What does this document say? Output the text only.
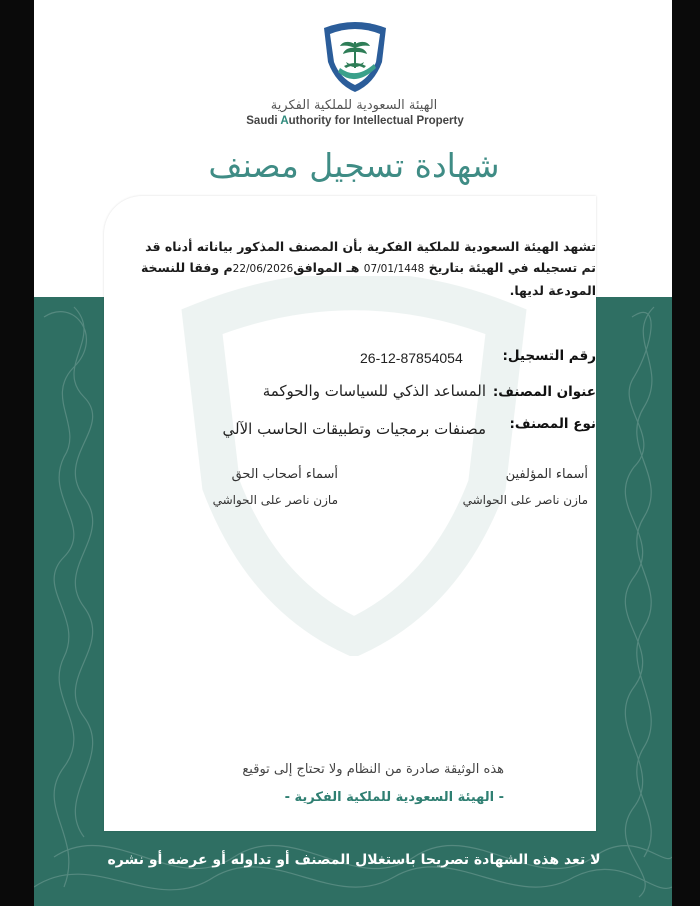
الهيئة السعودية للملكية الفكرية
Saudi Authority for Intellectual Property
شهادة تسجيل مصنف
تشهد الهيئة السعودية للملكية الفكرية بأن المصنف المذكور بياناته أدناه قد
تم تسجيله في الهيئة بتاريخ 07/01/1448 هـ الموافق22/06/2026م وفقا للنسخة
المودعة لديها.
رقم التسجيل:
26-12-87854054
عنوان المصنف:
المساعد الذكي للسياسات والحوكمة
نوع المصنف:
مصنفات برمجيات وتطبيقات الحاسب الآلي
أسماء المؤلفين
مازن ناصر على الحواشي
أسماء أصحاب الحق
مازن ناصر على الحواشي
هذه الوثيقة صادرة من النظام ولا تحتاج إلى توقيع
- الهيئة السعودية للملكية الفكرية -
لا تعد هذه الشهادة تصريحا باستغلال المصنف أو تداوله أو عرضه أو نشره
